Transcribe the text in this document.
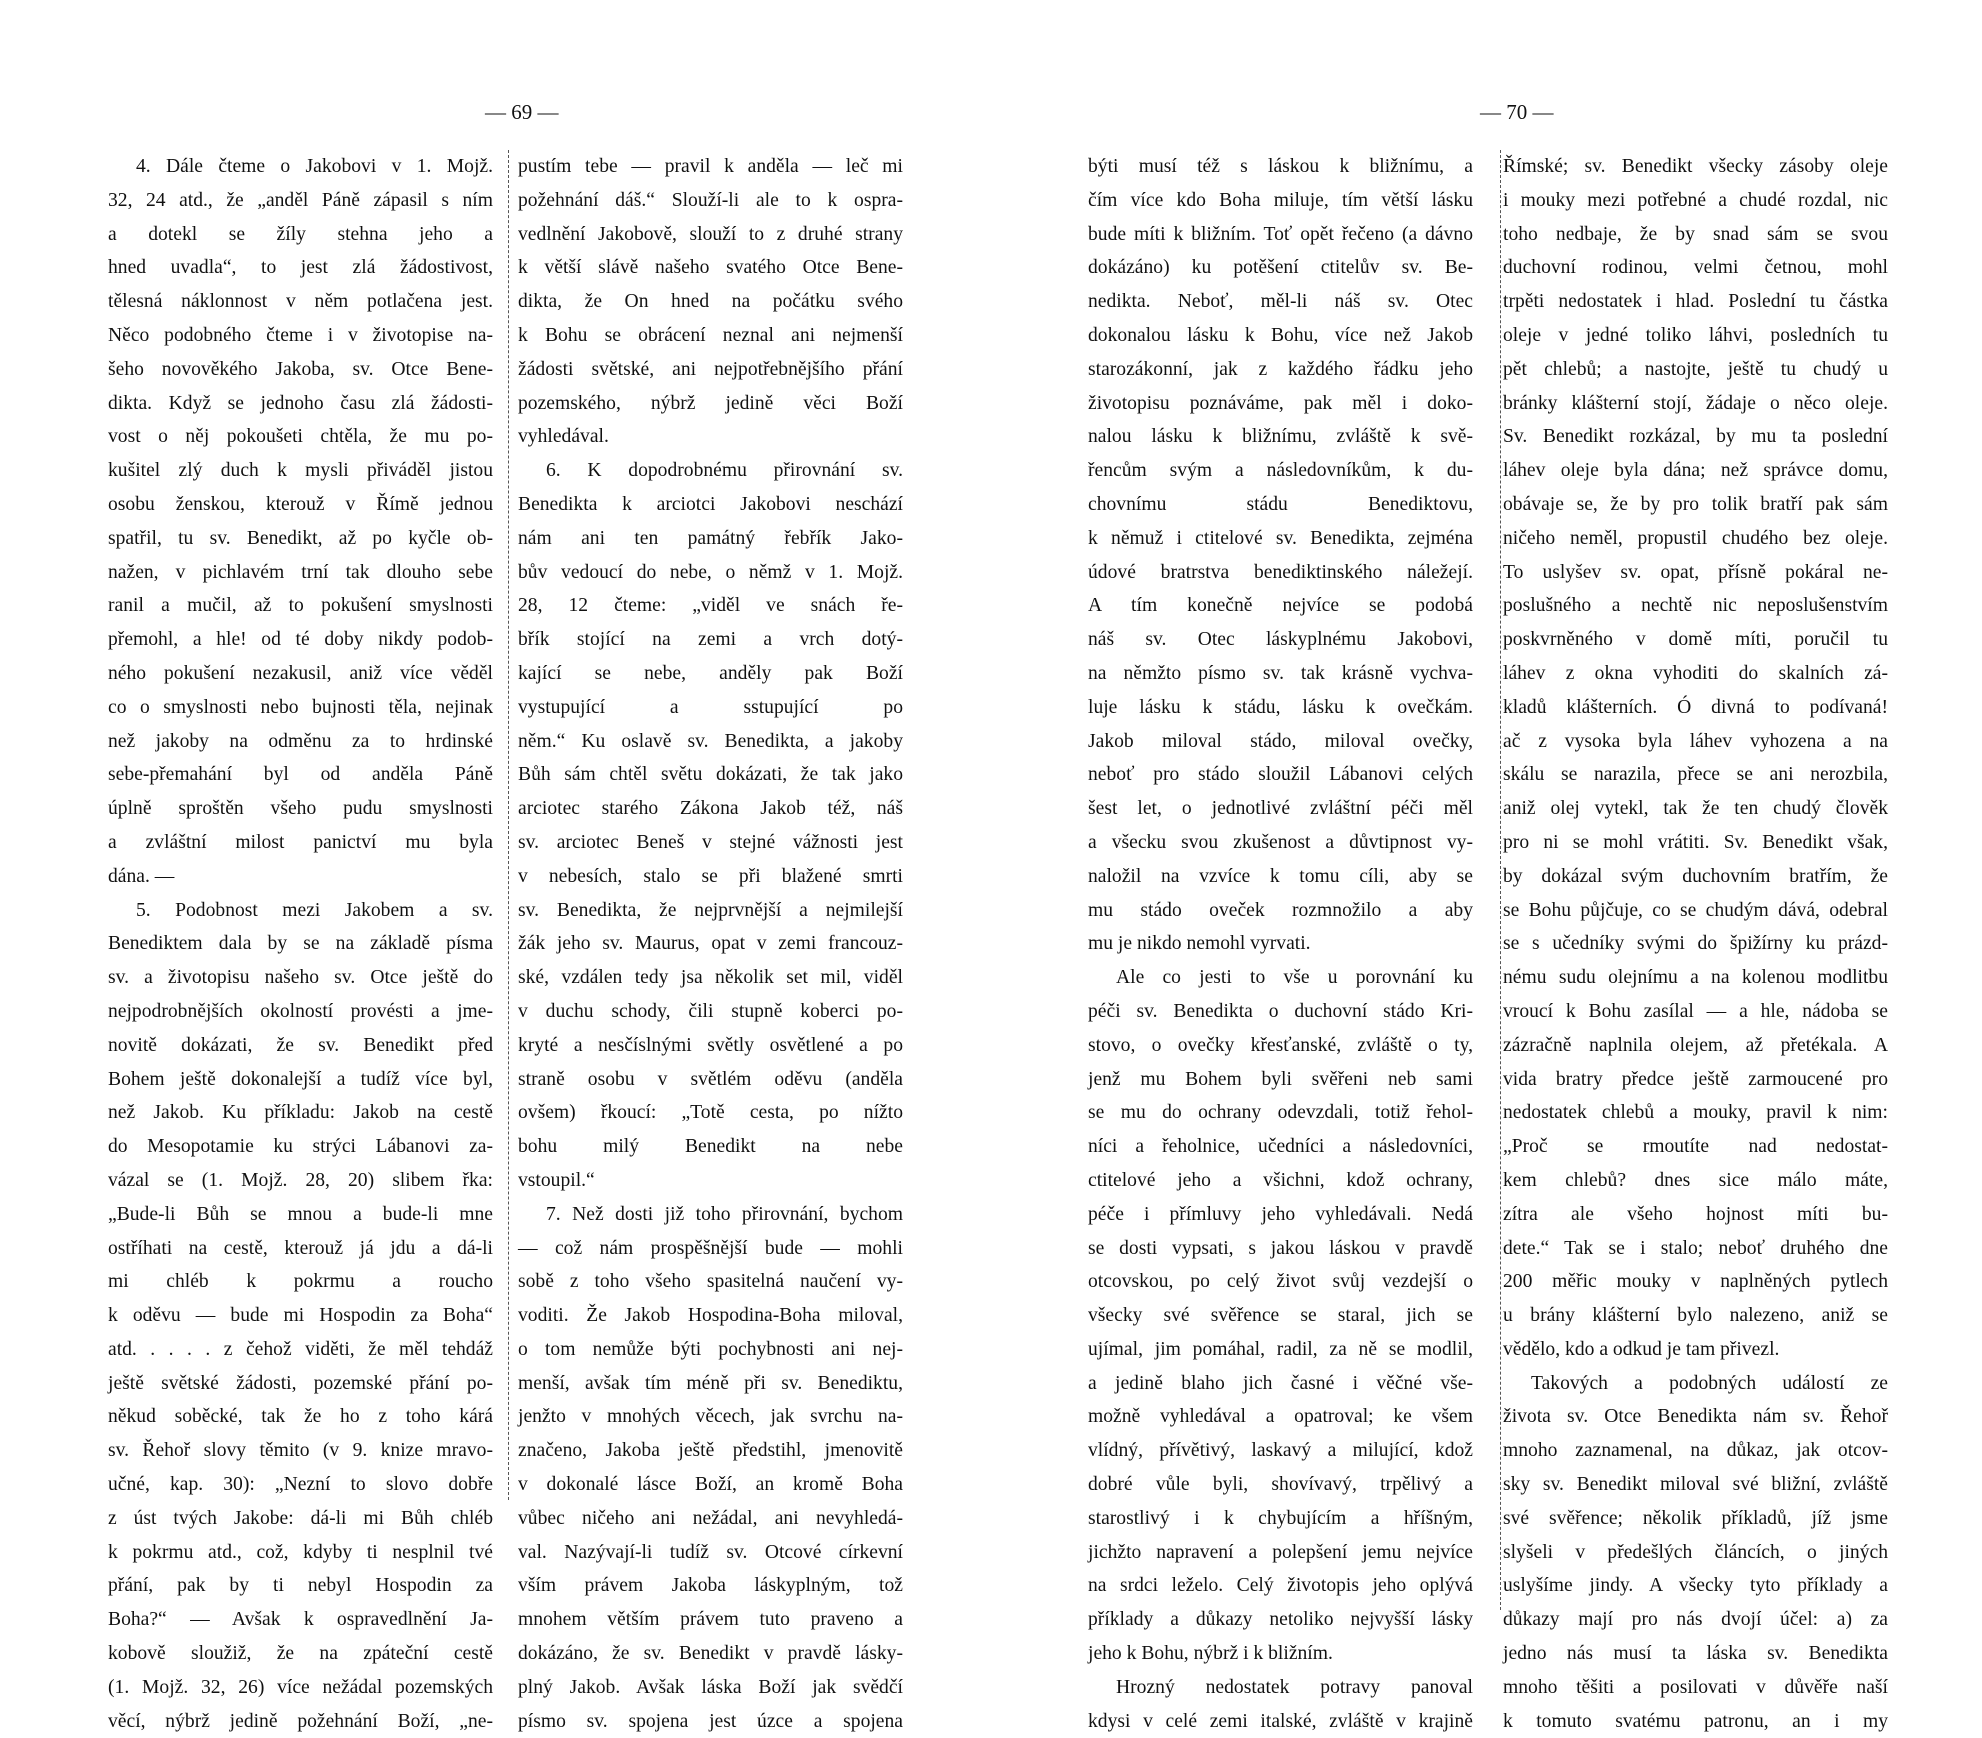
— 69 —	— 70 —
4. Dále čteme o Jakobovi v 1. Mojž.
32, 24 atd., že „anděl Páně zápasil s ním
a dotekl se žíly stehna jeho a
hned uvadla“, to jest zlá žádostivost,
tělesná náklonnost v něm potlačena jest.
Něco podobného čteme i v životopise na-
šeho novověkého Jakoba, sv. Otce Bene-
dikta. Když se jednoho času zlá žádosti-
vost o něj pokoušeti chtěla, že mu po-
kušitel zlý duch k mysli přiváděl jistou
osobu ženskou, kterouž v Římě jednou
spatřil, tu sv. Benedikt, až po kyčle ob-
nažen, v pichlavém trní tak dlouho sebe
ranil a mučil, až to pokušení smyslnosti
přemohl, a hle! od té doby nikdy podob-
ného pokušení nezakusil, aniž více věděl
co o smyslnosti nebo bujnosti těla, nejinak
než jakoby na odměnu za to hrdinské
sebe-přemahání byl od anděla Páně
úplně sproštěn všeho pudu smyslnosti
a zvláštní milost panictví mu byla
dána. —
5. Podobnost mezi Jakobem a sv.
Benediktem dala by se na základě písma
sv. a životopisu našeho sv. Otce ještě do
nejpodrobnějších okolností provésti a jme-
novitě dokázati, že sv. Benedikt před
Bohem ještě dokonalejší a tudíž více byl,
než Jakob. Ku příkladu: Jakob na cestě
do Mesopotamie ku strýci Lábanovi za-
vázal se (1. Mojž. 28, 20) slibem řka:
„Bude-li Bůh se mnou a bude-li mne
ostříhati na cestě, kterouž já jdu a dá-li
mi chléb k pokrmu a roucho
k oděvu — bude mi Hospodin za Boha“
atd. . . . . z čehož viděti, že měl tehdáž
ještě světské žádosti, pozemské přání po-
někud soběcké, tak že ho z toho kárá
sv. Řehoř slovy těmito (v 9. knize mravo-
učné, kap. 30): „Nezní to slovo dobře
z úst tvých Jakobe: dá-li mi Bůh chléb
k pokrmu atd., což, kdyby ti nesplnil tvé
přání, pak by ti nebyl Hospodin za
Boha?“ — Avšak k ospravedlnění Ja-
kobově sloužiž, že na zpáteční cestě
(1. Mojž. 32, 26) více nežádal pozemských
věcí, nýbrž jedině požehnání Boží, „ne-
pustím tebe — pravil k anděla — leč mi
požehnání dáš.“ Slouží-li ale to k ospra-
vedlnění Jakobově, slouží to z druhé strany
k větší slávě našeho svatého Otce Bene-
dikta, že On hned na počátku svého
k Bohu se obrácení neznal ani nejmenší
žádosti světské, ani nejpotřebnějšího přání
pozemského, nýbrž jedině věci Boží
vyhledával.
6. K dopodrobnému přirovnání sv.
Benedikta k arciotci Jakobovi neschází
nám ani ten památný řebřík Jako-
bův vedoucí do nebe, o němž v 1. Mojž.
28, 12 čteme: „viděl ve snách ře-
břík stojící na zemi a vrch dotý-
kající se nebe, anděly pak Boží
vystupující a sstupující po
něm.“ Ku oslavě sv. Benedikta, a jakoby
Bůh sám chtěl světu dokázati, že tak jako
arciotec starého Zákona Jakob též, náš
sv. arciotec Beneš v stejné vážnosti jest
v nebesích, stalo se při blažené smrti
sv. Benedikta, že nejprvnější a nejmilejší
žák jeho sv. Maurus, opat v zemi francouz-
ské, vzdálen tedy jsa několik set mil, viděl
v duchu schody, čili stupně koberci po-
kryté a nesčíslnými světly osvětlené a po
straně osobu v světlém oděvu (anděla
ovšem) řkoucí: „Totě cesta, po nížto
bohu milý Benedikt na nebe
vstoupil.“
7. Než dosti již toho přirovnání, bychom
— což nám prospěšnější bude — mohli
sobě z toho všeho spasitelná naučení vy-
voditi. Že Jakob Hospodina-Boha miloval,
o tom nemůže býti pochybnosti ani nej-
menší, avšak tím méně při sv. Benediktu,
jenžto v mnohých věcech, jak svrchu na-
značeno, Jakoba ještě předstihl, jmenovitě
v dokonalé lásce Boží, an kromě Boha
vůbec ničeho ani nežádal, ani nevyhledá-
val. Nazývají-li tudíž sv. Otcové církevní
vším právem Jakoba láskyplným, tož
mnohem větším právem tuto praveno a
dokázáno, že sv. Benedikt v pravdě lásky-
plný Jakob. Avšak láska Boží jak svědčí
písmo sv. spojena jest úzce a spojena
býti musí též s láskou k bližnímu, a
čím více kdo Boha miluje, tím větší lásku
bude míti k bližním. Toť opět řečeno (a dávno
dokázáno) ku potěšení ctitelův sv. Be-
nedikta. Neboť, měl-li náš sv. Otec
dokonalou lásku k Bohu, více než Jakob
starozákonní, jak z každého řádku jeho
životopisu poznáváme, pak měl i doko-
nalou lásku k bližnímu, zvláště k svě-
řencům svým a následovníkům, k du-
chovnímu stádu Benediktovu,
k němuž i ctitelové sv. Benedikta, zejména
údové bratrstva benediktinského náležejí.
A tím konečně nejvíce se podobá
náš sv. Otec láskyplnému Jakobovi,
na němžto písmo sv. tak krásně vychva-
luje lásku k stádu, lásku k ovečkám.
Jakob miloval stádo, miloval ovečky,
neboť pro stádo sloužil Lábanovi celých
šest let, o jednotlivé zvláštní péči měl
a všecku svou zkušenost a důvtipnost vy-
naložil na vzvíce k tomu cíli, aby se
mu stádo oveček rozmnožilo a aby
mu je nikdo nemohl vyrvati.
Ale co jesti to vše u porovnání ku
péči sv. Benedikta o duchovní stádo Kri-
stovo, o ovečky křesťanské, zvláště o ty,
jenž mu Bohem byli svěřeni neb sami
se mu do ochrany odevzdali, totiž řehol-
níci a řeholnice, učedníci a následovníci,
ctitelové jeho a všichni, kdož ochrany,
péče i přímluvy jeho vyhledávali. Nedá
se dosti vypsati, s jakou láskou v pravdě
otcovskou, po celý život svůj vezdejší o
všecky své svěřence se staral, jich se
ujímal, jim pomáhal, radil, za ně se modlil,
a jedině blaho jich časné i věčné vše-
možně vyhledával a opatroval; ke všem
vlídný, přívětivý, laskavý a milující, kdož
dobré vůle byli, shovívavý, trpělivý a
starostlivý i k chybujícím a hříšným,
jichžto napravení a polepšení jemu nejvíce
na srdci leželo. Celý životopis jeho oplývá
příklady a důkazy netoliko nejvyšší lásky
jeho k Bohu, nýbrž i k bližním.
Hrozný nedostatek potravy panoval
kdysi v celé zemi italské, zvláště v krajině
Římské; sv. Benedikt všecky zásoby oleje
i mouky mezi potřebné a chudé rozdal, nic
toho nedbaje, že by snad sám se svou
duchovní rodinou, velmi četnou, mohl
trpěti nedostatek i hlad. Poslední tu částka
oleje v jedné toliko láhvi, posledních tu
pět chlebů; a nastojte, ještě tu chudý u
bránky klášterní stojí, žádaje o něco oleje.
Sv. Benedikt rozkázal, by mu ta poslední
láhev oleje byla dána; než správce domu,
obávaje se, že by pro tolik bratří pak sám
ničeho neměl, propustil chudého bez oleje.
To uslyšev sv. opat, přísně pokáral ne-
poslušného a nechtě nic neposlušenstvím
poskvrněného v domě míti, poručil tu
láhev z okna vyhoditi do skalních zá-
kladů klášterních. Ó divná to podívaná!
ač z vysoka byla láhev vyhozena a na
skálu se narazila, přece se ani nerozbila,
aniž olej vytekl, tak že ten chudý člověk
pro ni se mohl vrátiti. Sv. Benedikt však,
by dokázal svým duchovním bratřím, že
se Bohu půjčuje, co se chudým dává, odebral
se s učedníky svými do špižírny ku prázd-
nému sudu olejnímu a na kolenou modlitbu
vroucí k Bohu zasílal — a hle, nádoba se
zázračně naplnila olejem, až přetékala. A
vida bratry předce ještě zarmoucené pro
nedostatek chlebů a mouky, pravil k nim:
„Proč se rmoutíte nad nedostat-
kem chlebů? dnes sice málo máte,
zítra ale všeho hojnost míti bu-
dete.“ Tak se i stalo; neboť druhého dne
200 měřic mouky v naplněných pytlech
u brány klášterní bylo nalezeno, aniž se
vědělo, kdo a odkud je tam přivezl.
Takových a podobných událostí ze
života sv. Otce Benedikta nám sv. Řehoř
mnoho zaznamenal, na důkaz, jak otcov-
sky sv. Benedikt miloval své bližní, zvláště
své svěřence; několik příkladů, jíž jsme
slyšeli v předešlých článcích, o jiných
uslyšíme jindy. A všecky tyto příklady a
důkazy mají pro nás dvojí účel: a) za
jedno nás musí ta láska sv. Benedikta
mnoho těšiti a posilovati v důvěře naší
k tomuto svatému patronu, an i my
